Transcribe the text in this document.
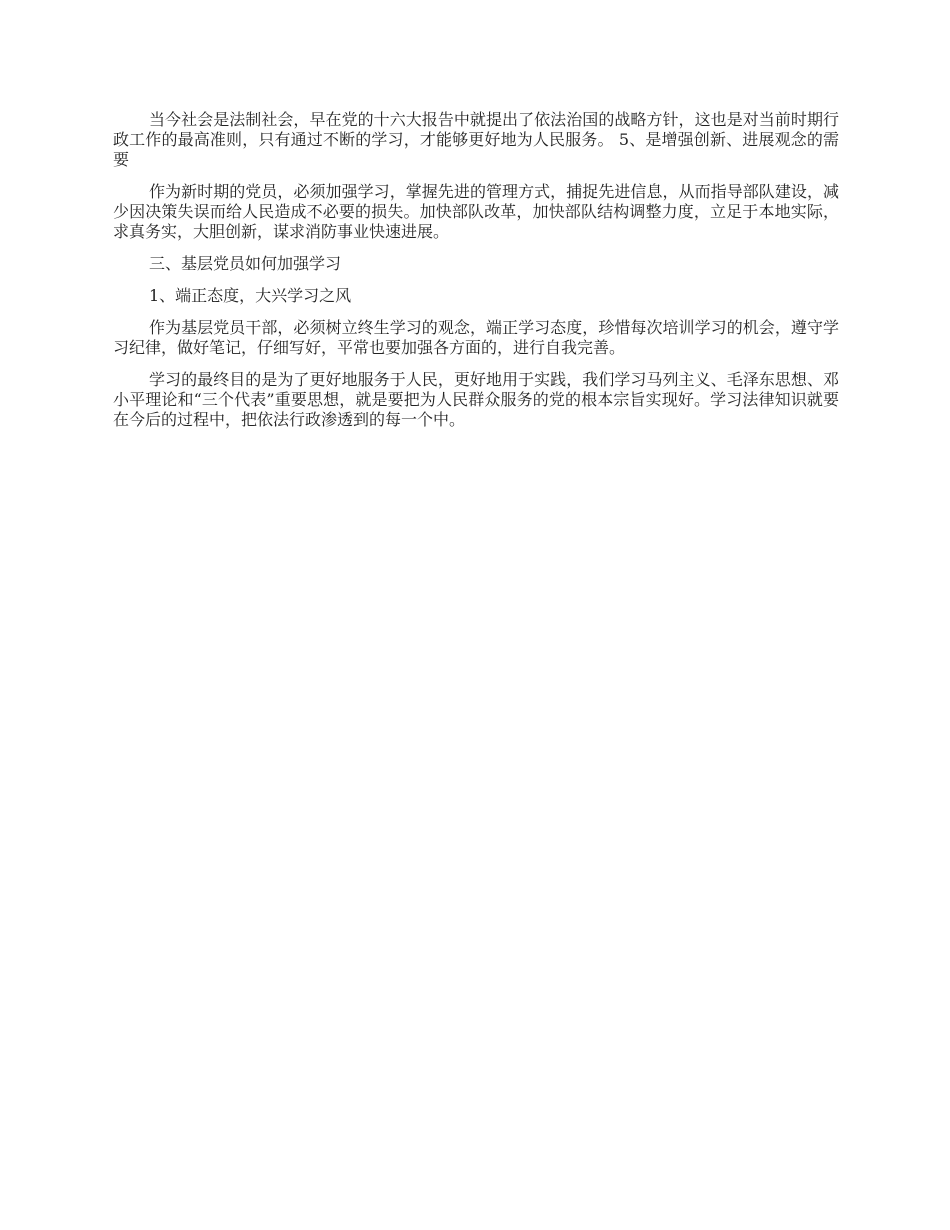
当今社会是法制社会，早在党的十六大报告中就提出了依法治国的战略方针，这也是对当前时期行政工作的最高准则，只有通过不断的学习，才能够更好地为人民服务。 5、是增强创新、进展观念的需要

作为新时期的党员，必须加强学习，掌握先进的管理方式，捕捉先进信息，从而指导部队建设，减少因决策失误而给人民造成不必要的损失。加快部队改革，加快部队结构调整力度，立足于本地实际，求真务实，大胆创新，谋求消防事业快速进展。

三、基层党员如何加强学习

1、端正态度，大兴学习之风

作为基层党员干部，必须树立终生学习的观念，端正学习态度，珍惜每次培训学习的机会，遵守学习纪律，做好笔记，仔细写好，平常也要加强各方面的，进行自我完善。

学习的最终目的是为了更好地服务于人民，更好地用于实践，我们学习马列主义、毛泽东思想、邓小平理论和“三个代表”重要思想，就是要把为人民群众服务的党的根本宗旨实现好。学习法律知识就要在今后的过程中，把依法行政渗透到的每一个中。
